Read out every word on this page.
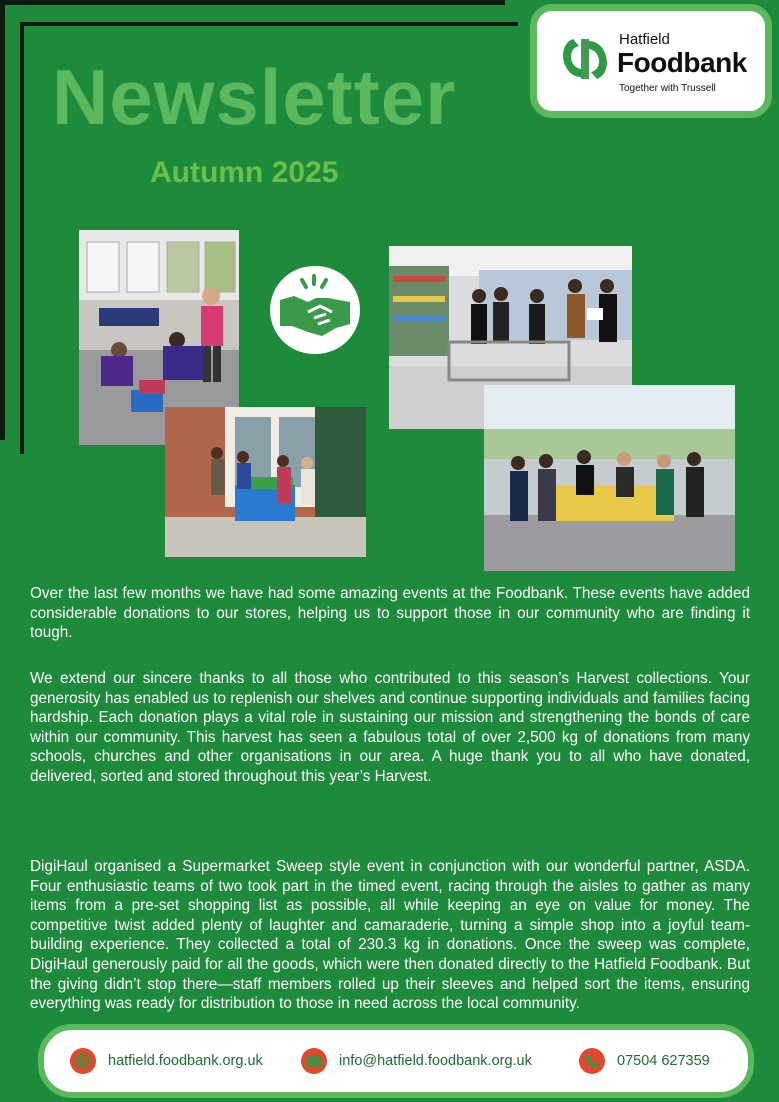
Newsletter
Autumn 2025
Hatfield
Foodbank
Together with Trussell

Over the last few months we have had some amazing events at the Foodbank. These events have added considerable donations to our stores, helping us to support those in our community who are finding it tough.

We extend our sincere thanks to all those who contributed to this season’s Harvest collections. Your generosity has enabled us to replenish our shelves and continue supporting individuals and families facing hardship. Each donation plays a vital role in sustaining our mission and strengthening the bonds of care within our community. This harvest has seen a fabulous total of over 2,500 kg of donations from many schools, churches and other organisations in our area. A huge thank you to all who have donated, delivered, sorted and stored throughout this year’s Harvest.

DigiHaul organised a Supermarket Sweep style event in conjunction with our wonderful partner, ASDA. Four enthusiastic teams of two took part in the timed event, racing through the aisles to gather as many items from a pre-set shopping list as possible, all while keeping an eye on value for money. The competitive twist added plenty of laughter and camaraderie, turning a simple shop into a joyful team-building experience. They collected a total of 230.3 kg in donations. Once the sweep was complete, DigiHaul generously paid for all the goods, which were then donated directly to the Hatfield Foodbank. But the giving didn’t stop there—staff members rolled up their sleeves and helped sort the items, ensuring everything was ready for distribution to those in need across the local community.

hatfield.foodbank.org.uk	info@hatfield.foodbank.org.uk	07504 627359
